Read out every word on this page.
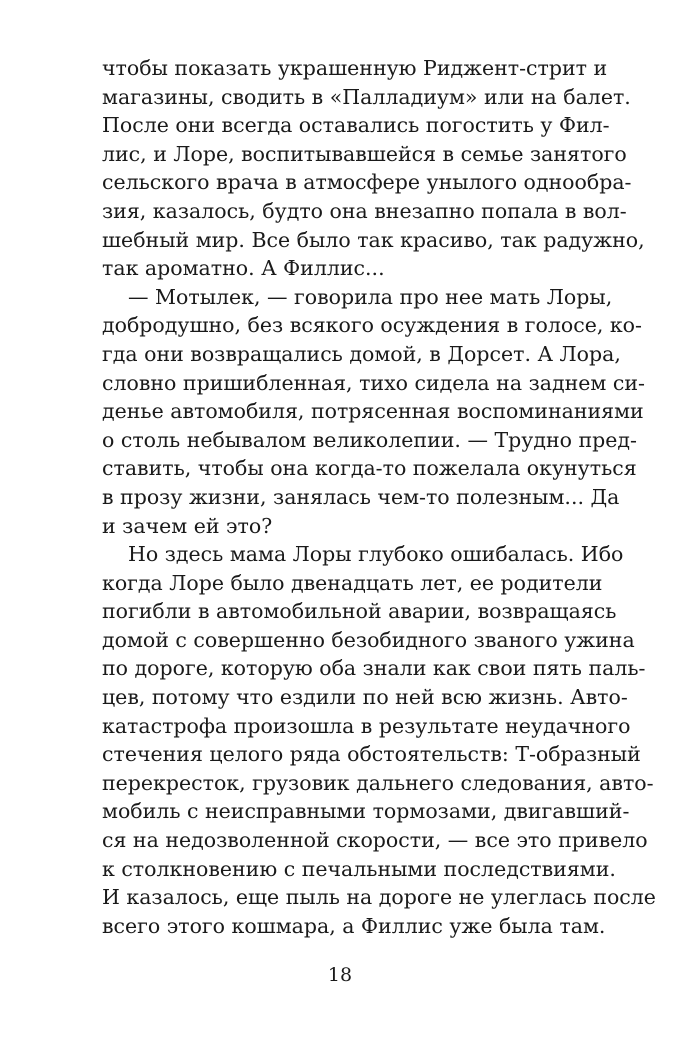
чтобы показать украшенную Риджент-стрит и
магазины, сводить в «Палладиум» или на балет.
После они всегда оставались погостить у Фил-
лис, и Лоре, воспитывавшейся в семье занятого
сельского врача в атмосфере унылого однообра-
зия, казалось, будто она внезапно попала в вол-
шебный мир. Все было так красиво, так радужно,
так ароматно. А Филлис...
— Мотылек, — говорила про нее мать Лоры,
добродушно, без всякого осуждения в голосе, ко-
гда они возвращались домой, в Дорсет. А Лора,
словно пришибленная, тихо сидела на заднем си-
денье автомобиля, потрясенная воспоминаниями
о столь небывалом великолепии. — Трудно пред-
ставить, чтобы она когда-то пожелала окунуться
в прозу жизни, занялась чем-то полезным... Да
и зачем ей это?
Но здесь мама Лоры глубоко ошибалась. Ибо
когда Лоре было двенадцать лет, ее родители
погибли в автомобильной аварии, возвращаясь
домой с совершенно безобидного званого ужина
по дороге, которую оба знали как свои пять паль-
цев, потому что ездили по ней всю жизнь. Авто-
катастрофа произошла в результате неудачного
стечения целого ряда обстоятельств: Т-образный
перекресток, грузовик дальнего следования, авто-
мобиль с неисправными тормозами, двигавший-
ся на недозволенной скорости, — все это привело
к столкновению с печальными последствиями.
И казалось, еще пыль на дороге не улеглась после
всего этого кошмара, а Филлис уже была там.
18
